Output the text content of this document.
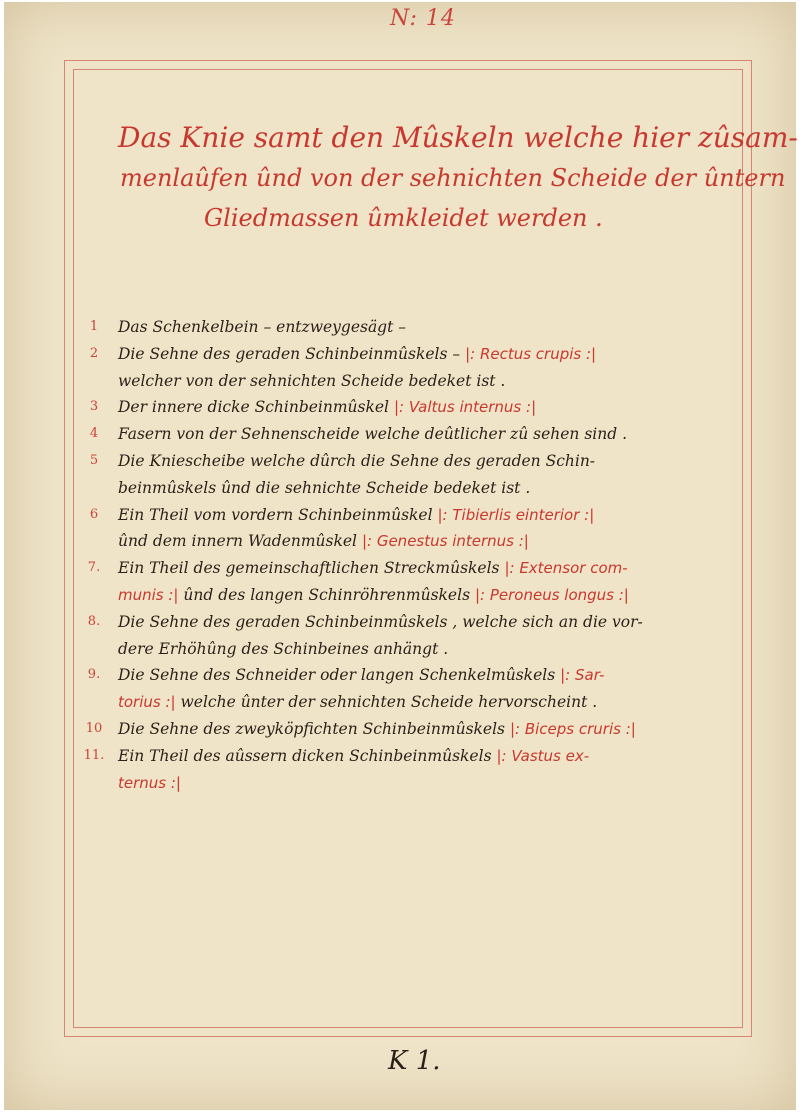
N: 14
Das Knie samt den Mûskeln welche hier zûsam-
menlaûfen ûnd von der sehnichten Scheide der ûntern
Gliedmassen ûmkleidet werden .
1	Das Schenkelbein – entzweygesägt –
2	Die Sehne des geraden Schinbeinmûskels – |: Rectus crupis :|
welcher von der sehnichten Scheide bedeket ist .
3	Der innere dicke Schinbeinmûskel |: Valtus internus :|
4	Fasern von der Sehnenscheide welche deûtlicher zû sehen sind .
5	Die Kniescheibe welche dûrch die Sehne des geraden Schin-
beinmûskels ûnd die sehnichte Scheide bedeket ist .
6	Ein Theil vom vordern Schinbeinmûskel |: Tibierlis einterior :|
ûnd dem innern Wadenmûskel |: Genestus internus :|
7.	Ein Theil des gemeinschaftlichen Streckmûskels |: Extensor com-
munis :| ûnd des langen Schinröhrenmûskels |: Peroneus longus :|
8.	Die Sehne des geraden Schinbeinmûskels , welche sich an die vor-
dere Erhöhûng des Schinbeines anhängt .
9.	Die Sehne des Schneider oder langen Schenkelmûskels |: Sar-
torius :| welche ûnter der sehnichten Scheide hervorscheint .
10	Die Sehne des zweyköpfichten Schinbeinmûskels |: Biceps cruris :|
11. Ein Theil des aûssern dicken Schinbeinmûskels |: Vastus ex-
ternus :|
K 1.
